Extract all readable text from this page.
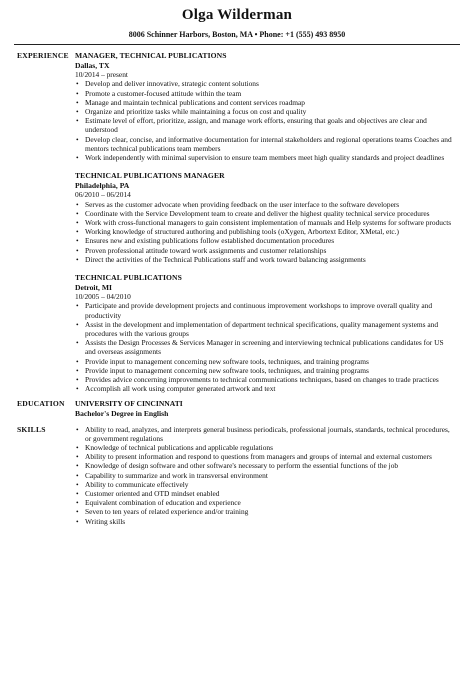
Olga Wilderman
8006 Schinner Harbors, Boston, MA • Phone: +1 (555) 493 8950
EXPERIENCE MANAGER, TECHNICAL PUBLICATIONS
Dallas, TX
10/2014 – present
• Develop and deliver innovative, strategic content solutions
• Promote a customer-focused attitude within the team
• Manage and maintain technical publications and content services roadmap
• Organize and prioritize tasks while maintaining a focus on cost and quality
• Estimate level of effort, prioritize, assign, and manage work efforts, ensuring that goals and objectives are clear and understood
• Develop clear, concise, and informative documentation for internal stakeholders and regional operations teams Coaches and mentors technical publications team members
• Work independently with minimal supervision to ensure team members meet high quality standards and project deadlines
TECHNICAL PUBLICATIONS MANAGER
Philadelphia, PA
06/2010 – 06/2014
• Serves as the customer advocate when providing feedback on the user interface to the software developers
• Coordinate with the Service Development team to create and deliver the highest quality technical service procedures
• Work with cross-functional managers to gain consistent implementation of manuals and Help systems for software products
• Working knowledge of structured authoring and publishing tools (oXygen, Arbortext Editor, XMetal, etc.)
• Ensures new and existing publications follow established documentation procedures
• Proven professional attitude toward work assignments and customer relationships
• Direct the activities of the Technical Publications staff and work toward balancing assignments
TECHNICAL PUBLICATIONS
Detroit, MI
10/2005 – 04/2010
• Participate and provide development projects and continuous improvement workshops to improve overall quality and productivity
• Assist in the development and implementation of department technical specifications, quality management systems and procedures with the various groups
• Assists the Design Processes & Services Manager in screening and interviewing technical publications candidates for US and overseas assignments
• Provide input to management concerning new software tools, techniques, and training programs
• Provide input to management concerning new software tools, techniques, and training programs
• Provides advice concerning improvements to technical communications techniques, based on changes to trade practices
• Accomplish all work using computer generated artwork and text
EDUCATION	UNIVERSITY OF CINCINNATI
Bachelor's Degree in English
SKILLS
•	Ability to read, analyzes, and interprets general business periodicals, professional journals, standards, technical procedures, or government regulations
• Knowledge of technical publications and applicable regulations
• Ability to present information and respond to questions from managers and groups of internal and external customers
• Knowledge of design software and other software's necessary to perform the essential functions of the job
• Capability to summarize and work in transversal environment
• Ability to communicate effectively
• Customer oriented and OTD mindset enabled
• Equivalent combination of education and experience
• Seven to ten years of related experience and/or training
• Writing skills
